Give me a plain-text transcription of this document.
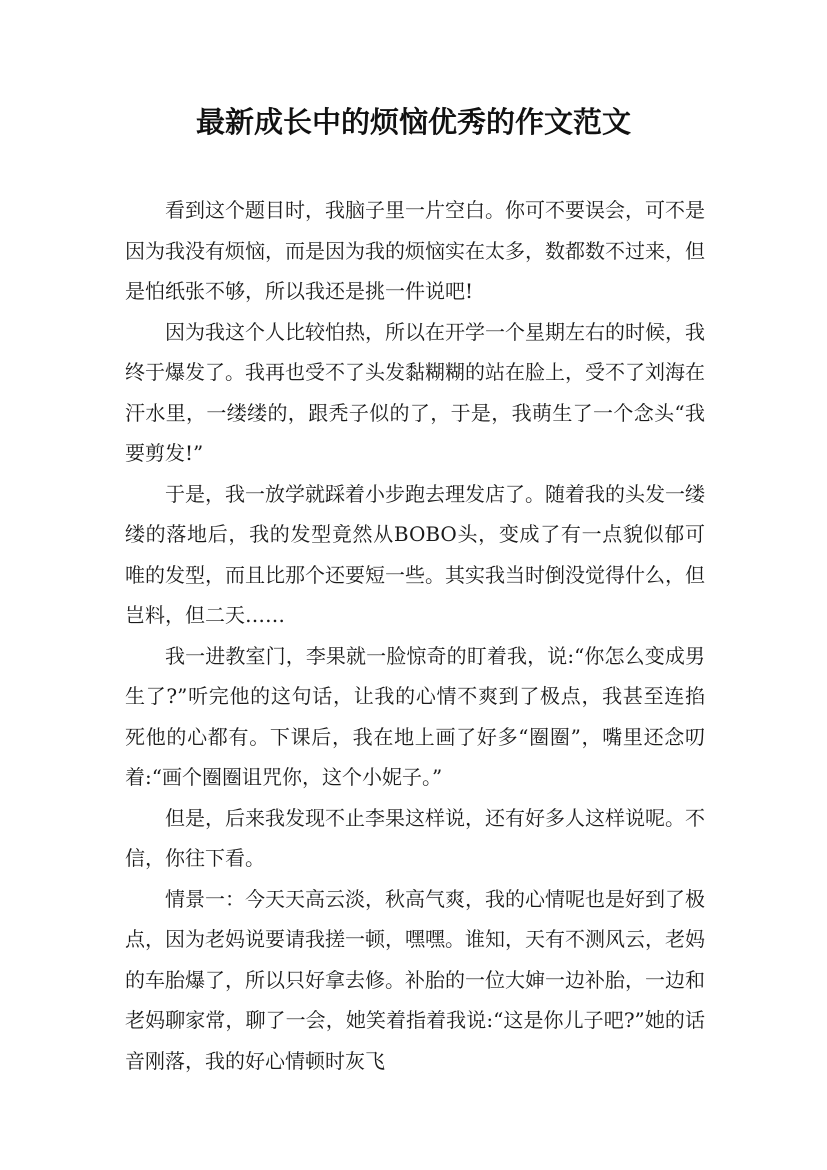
最新成长中的烦恼优秀的作文范文

看到这个题目时，我脑子里一片空白。你可不要误会，可不是因为我没有烦恼，而是因为我的烦恼实在太多，数都数不过来，但是怕纸张不够，所以我还是挑一件说吧!

因为我这个人比较怕热，所以在开学一个星期左右的时候，我终于爆发了。我再也受不了头发黏糊糊的站在脸上，受不了刘海在汗水里，一缕缕的，跟秃子似的了，于是，我萌生了一个念头“我要剪发!”

于是，我一放学就踩着小步跑去理发店了。随着我的头发一缕缕的落地后，我的发型竟然从BOBO头，变成了有一点貌似郁可唯的发型，而且比那个还要短一些。其实我当时倒没觉得什么，但岂料，但二天……

我一进教室门，李果就一脸惊奇的盯着我，说:“你怎么变成男生了?”听完他的这句话，让我的心情不爽到了极点，我甚至连掐死他的心都有。下课后，我在地上画了好多“圈圈”，嘴里还念叨着:“画个圈圈诅咒你，这个小妮子。”

但是，后来我发现不止李果这样说，还有好多人这样说呢。不信，你往下看。

情景一：今天天高云淡，秋高气爽，我的心情呢也是好到了极点，因为老妈说要请我搓一顿，嘿嘿。谁知，天有不测风云，老妈的车胎爆了，所以只好拿去修。补胎的一位大婶一边补胎，一边和老妈聊家常，聊了一会，她笑着指着我说:“这是你儿子吧?”她的话音刚落，我的好心情顿时灰飞
